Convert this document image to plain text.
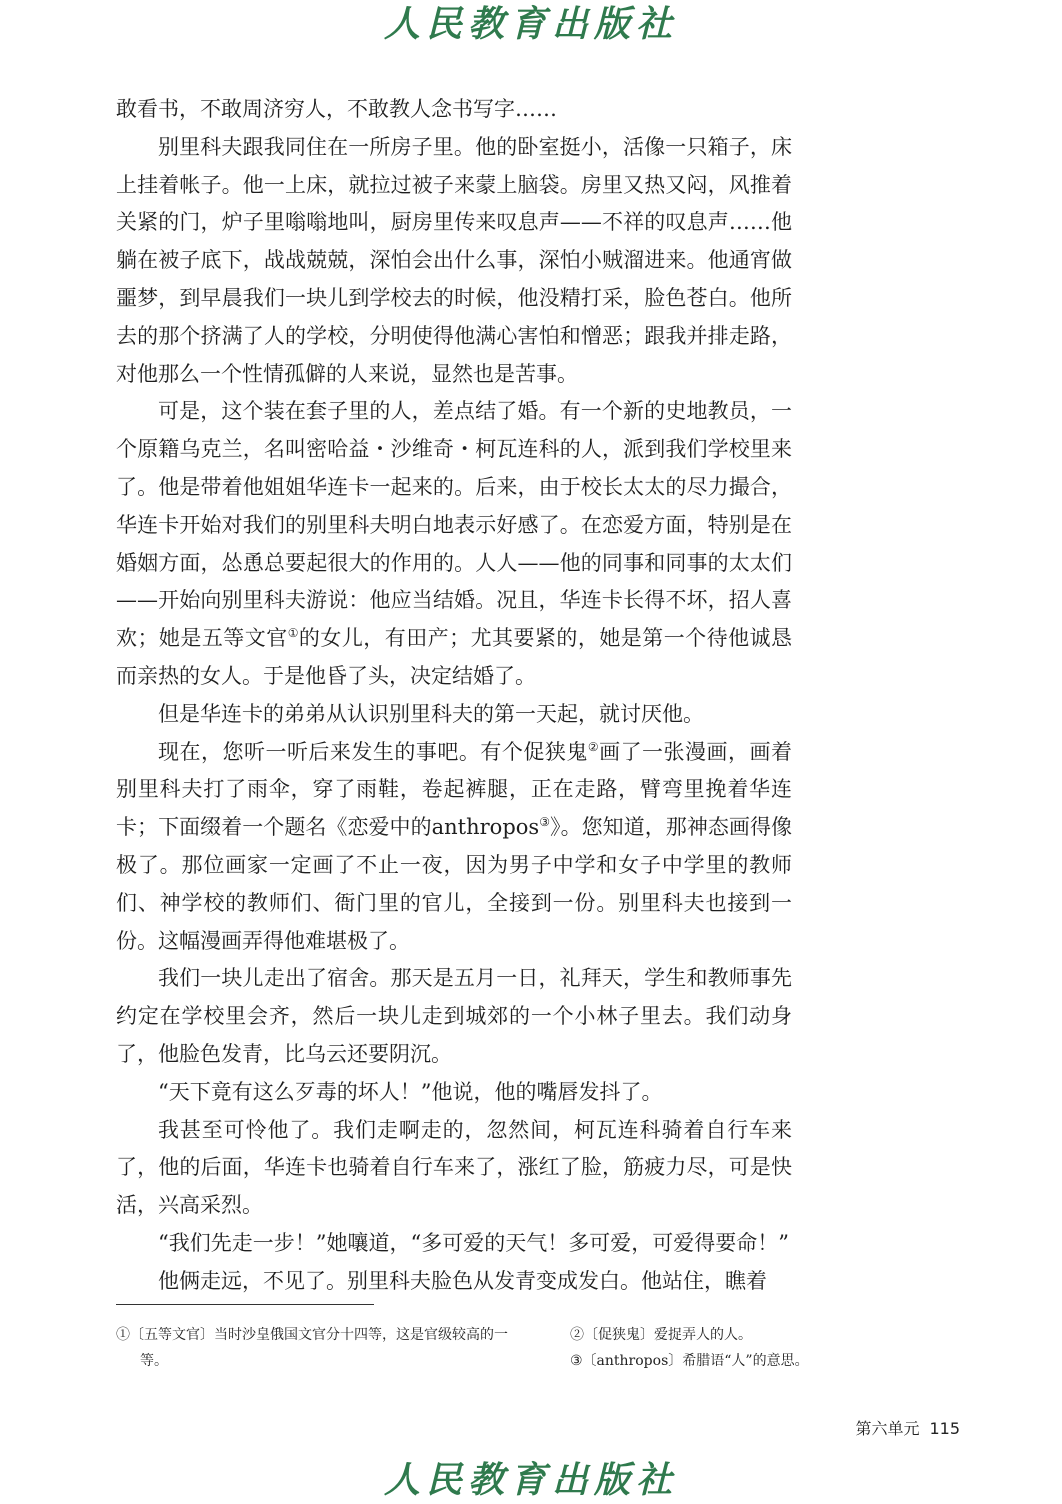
人民教育出版社

敢看书，不敢周济穷人，不敢教人念书写字……

别里科夫跟我同住在一所房子里。他的卧室挺小，活像一只箱子，床上挂着帐子。他一上床，就拉过被子来蒙上脑袋。房里又热又闷，风推着关紧的门，炉子里嗡嗡地叫，厨房里传来叹息声——不祥的叹息声……他躺在被子底下，战战兢兢，深怕会出什么事，深怕小贼溜进来。他通宵做噩梦，到早晨我们一块儿到学校去的时候，他没精打采，脸色苍白。他所去的那个挤满了人的学校，分明使得他满心害怕和憎恶；跟我并排走路，对他那么一个性情孤僻的人来说，显然也是苦事。

可是，这个装在套子里的人，差点结了婚。有一个新的史地教员，一个原籍乌克兰，名叫密哈益・沙维奇・柯瓦连科的人，派到我们学校里来了。他是带着他姐姐华连卡一起来的。后来，由于校长太太的尽力撮合，华连卡开始对我们的别里科夫明白地表示好感了。在恋爱方面，特别是在婚姻方面，怂恿总要起很大的作用的。人人——他的同事和同事的太太们——开始向别里科夫游说：他应当结婚。况且，华连卡长得不坏，招人喜欢；她是五等文官①的女儿，有田产；尤其要紧的，她是第一个待他诚恳而亲热的女人。于是他昏了头，决定结婚了。

但是华连卡的弟弟从认识别里科夫的第一天起，就讨厌他。

现在，您听一听后来发生的事吧。有个促狭鬼②画了一张漫画，画着别里科夫打了雨伞，穿了雨鞋，卷起裤腿，正在走路，臂弯里挽着华连卡；下面缀着一个题名《恋爱中的anthropos③》。您知道，那神态画得像极了。那位画家一定画了不止一夜，因为男子中学和女子中学里的教师们、神学校的教师们、衙门里的官儿，全接到一份。别里科夫也接到一份。这幅漫画弄得他难堪极了。

我们一块儿走出了宿舍。那天是五月一日，礼拜天，学生和教师事先约定在学校里会齐，然后一块儿走到城郊的一个小林子里去。我们动身了，他脸色发青，比乌云还要阴沉。

“天下竟有这么歹毒的坏人！”他说，他的嘴唇发抖了。

我甚至可怜他了。我们走啊走的，忽然间，柯瓦连科骑着自行车来了，他的后面，华连卡也骑着自行车来了，涨红了脸，筋疲力尽，可是快活，兴高采烈。

“我们先走一步！”她嚷道，“多可爱的天气！多可爱，可爱得要命！”

他俩走远，不见了。别里科夫脸色从发青变成发白。他站住，瞧着

①〔五等文官〕当时沙皇俄国文官分十四等，这是官级较高的一等。

②〔促狭鬼〕爱捉弄人的人。

③〔anthropos〕希腊语“人”的意思。

第六单元 115
人民教育出版社
